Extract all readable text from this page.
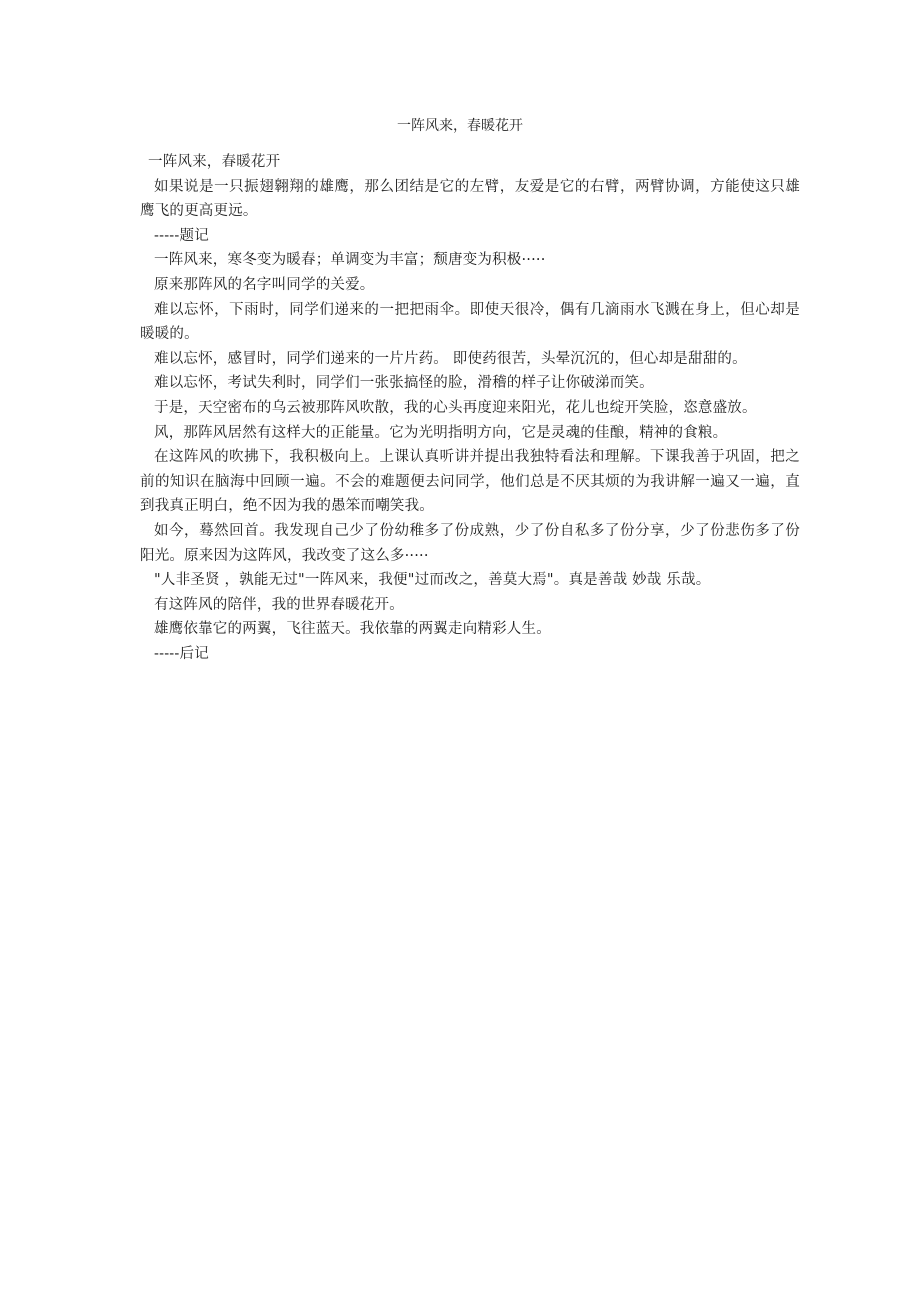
一阵风来，春暖花开

一阵风来，春暖花开

如果说是一只振翅翱翔的雄鹰，那么团结是它的左臂，友爱是它的右臂，两臂协调，方能使这只雄鹰飞的更高更远。

-----题记

一阵风来，寒冬变为暖春；单调变为丰富；颓唐变为积极·····

原来那阵风的名字叫同学的关爱。

难以忘怀，下雨时，同学们递来的一把把雨伞。即使天很冷，偶有几滴雨水飞溅在身上，但心却是暖暖的。

难以忘怀，感冒时，同学们递来的一片片药。 即使药很苦，头晕沉沉的，但心却是甜甜的。

难以忘怀，考试失利时，同学们一张张搞怪的脸，滑稽的样子让你破涕而笑。

于是，天空密布的乌云被那阵风吹散，我的心头再度迎来阳光，花儿也绽开笑脸，恣意盛放。

风，那阵风居然有这样大的正能量。它为光明指明方向，它是灵魂的佳酿，精神的食粮。

在这阵风的吹拂下，我积极向上。上课认真听讲并提出我独特看法和理解。下课我善于巩固，把之前的知识在脑海中回顾一遍。不会的难题便去问同学，他们总是不厌其烦的为我讲解一遍又一遍，直到我真正明白，绝不因为我的愚笨而嘲笑我。

如今，蓦然回首。我发现自己少了份幼稚多了份成熟，少了份自私多了份分享，少了份悲伤多了份阳光。原来因为这阵风，我改变了这么多·····

"人非圣贤 ，孰能无过"一阵风来，我便"过而改之，善莫大焉"。真是善哉 妙哉 乐哉。

有这阵风的陪伴，我的世界春暖花开。

雄鹰依靠它的两翼，飞往蓝天。我依靠的两翼走向精彩人生。

-----后记
